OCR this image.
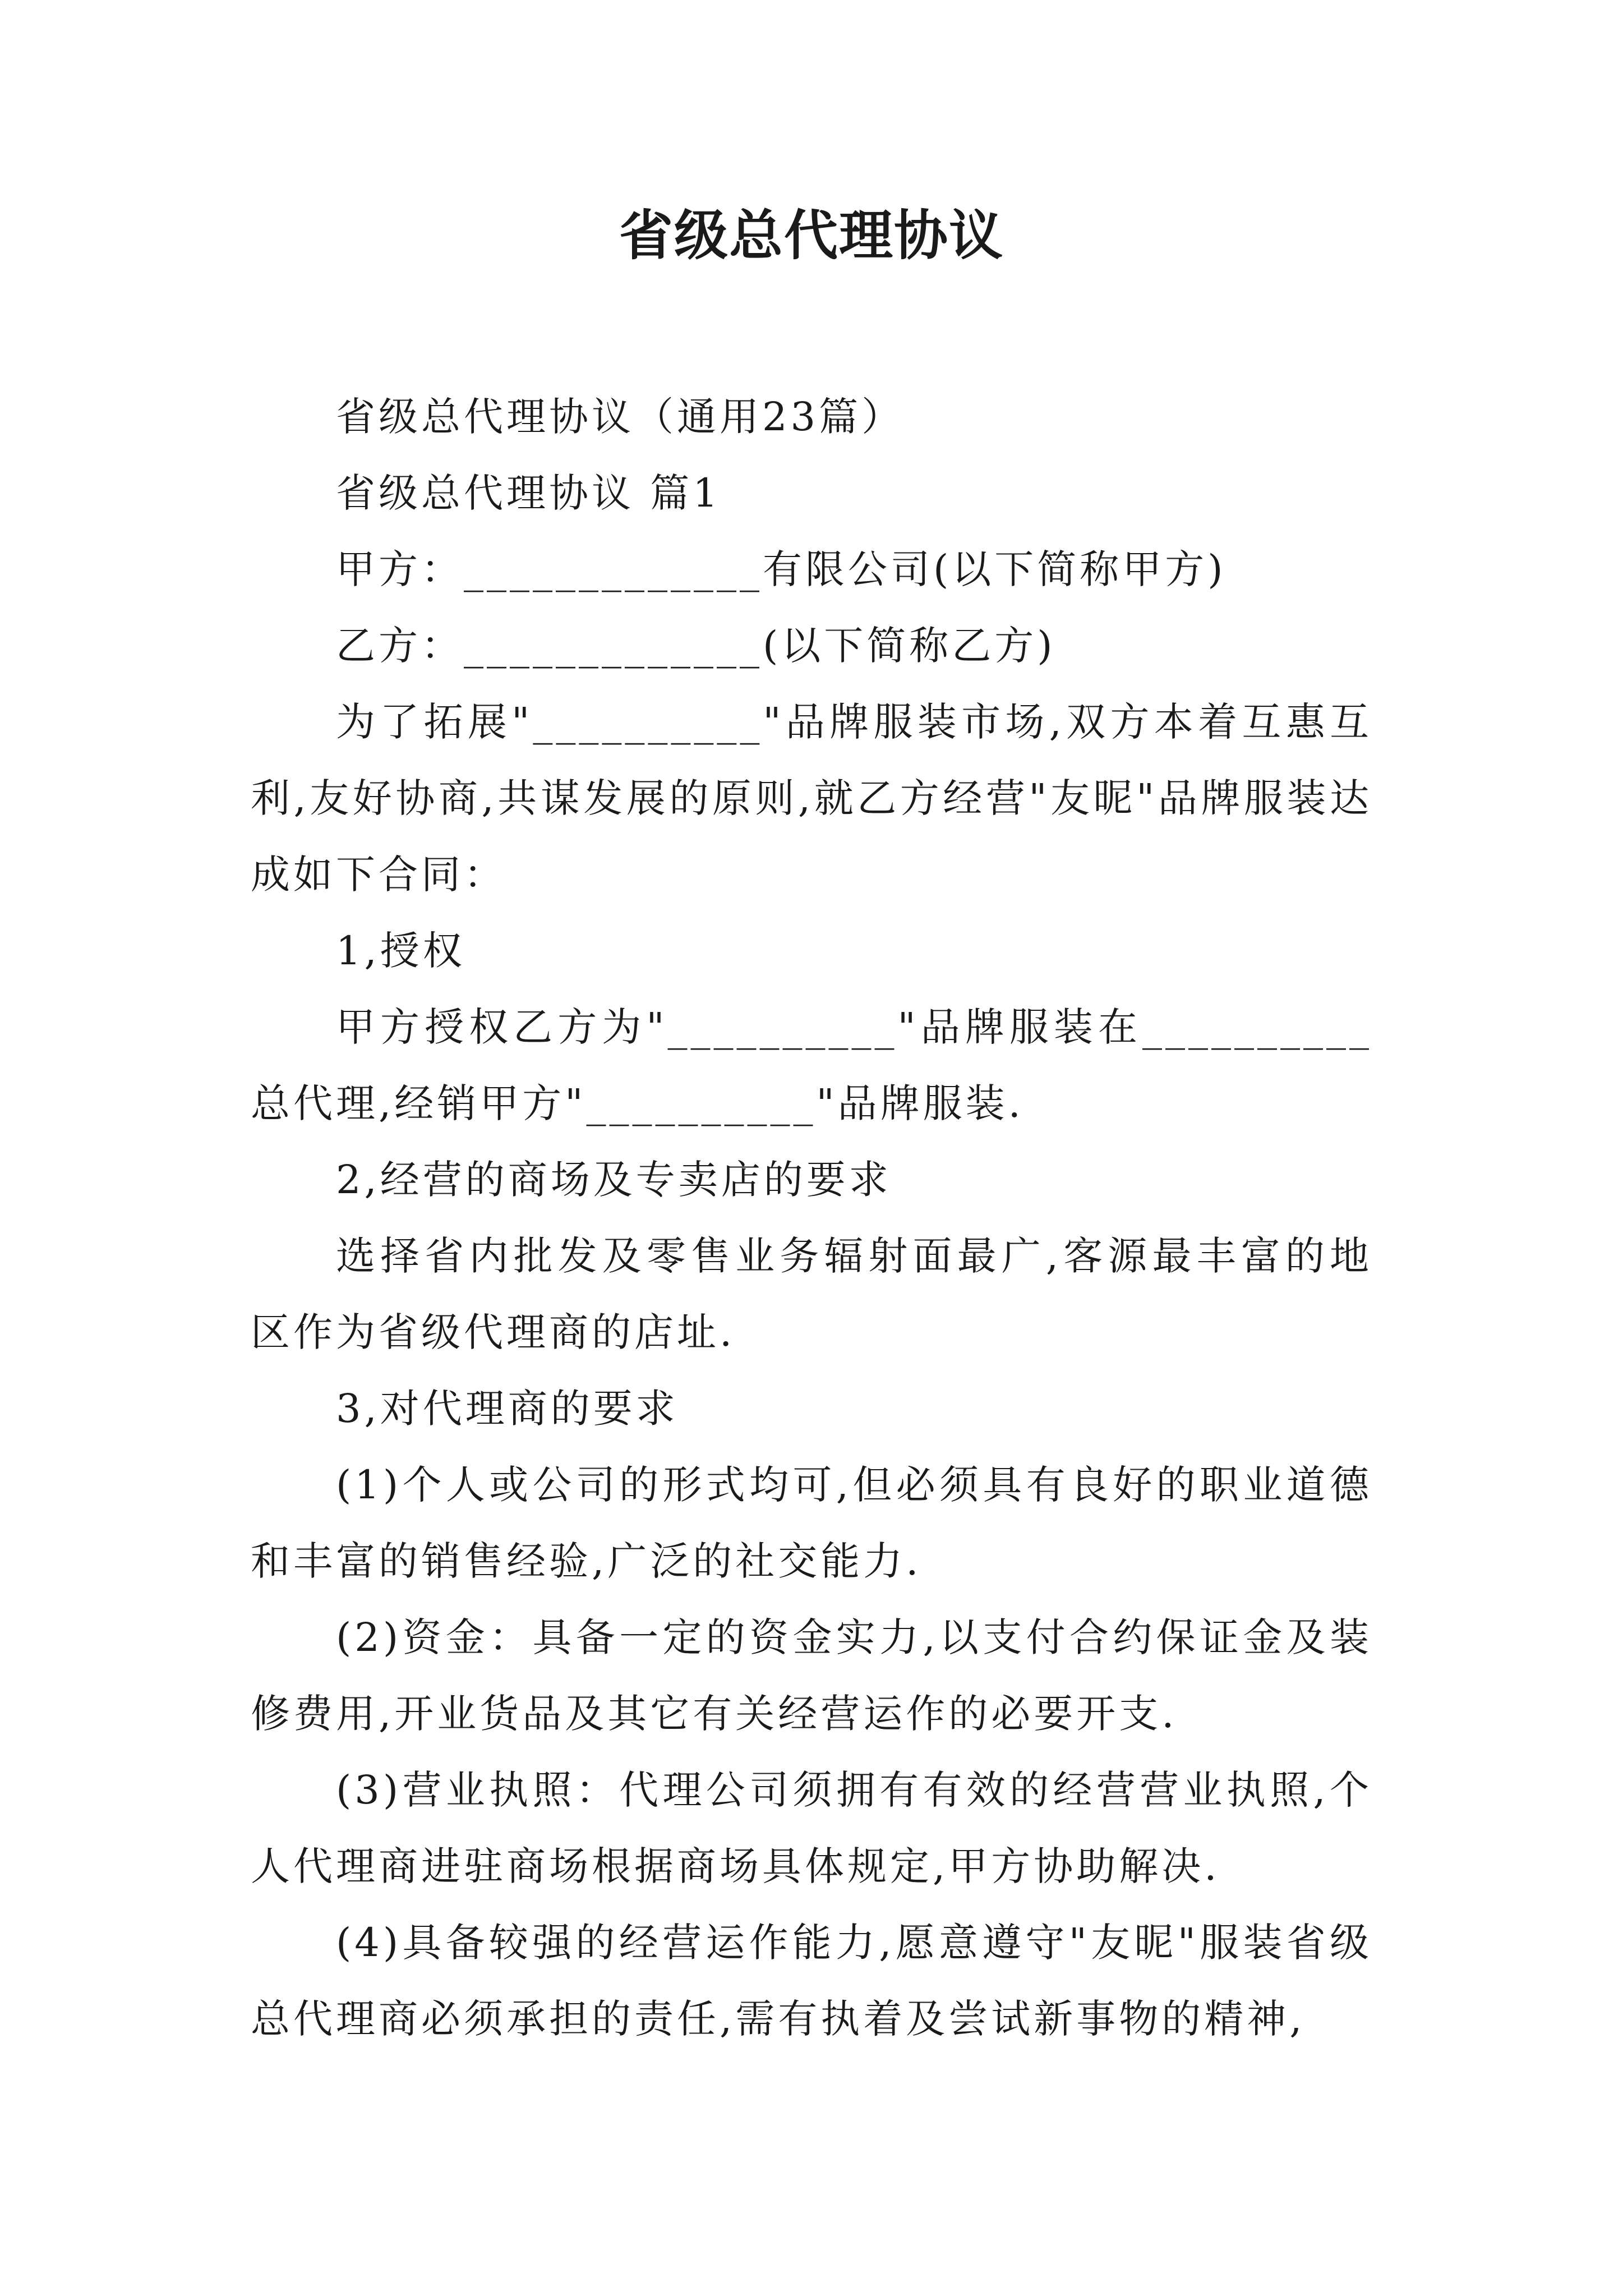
省级总代理协议

省级总代理协议（通用23篇）

省级总代理协议 篇1

甲方：_____________有限公司(以下简称甲方)

乙方：_____________(以下简称乙方)

为了拓展"__________"品牌服装市场,双方本着互惠互利,友好协商,共谋发展的原则,就乙方经营"友昵"品牌服装达成如下合同：

1,授权

甲方授权乙方为"__________"品牌服装在__________总代理,经销甲方"__________"品牌服装.

2,经营的商场及专卖店的要求

选择省内批发及零售业务辐射面最广,客源最丰富的地区作为省级代理商的店址.

3,对代理商的要求

(1)个人或公司的形式均可,但必须具有良好的职业道德和丰富的销售经验,广泛的社交能力.

(2)资金：具备一定的资金实力,以支付合约保证金及装修费用,开业货品及其它有关经营运作的必要开支.

(3)营业执照：代理公司须拥有有效的经营营业执照,个人代理商进驻商场根据商场具体规定,甲方协助解决.

(4)具备较强的经营运作能力,愿意遵守"友昵"服装省级总代理商必须承担的责任,需有执着及尝试新事物的精神,
